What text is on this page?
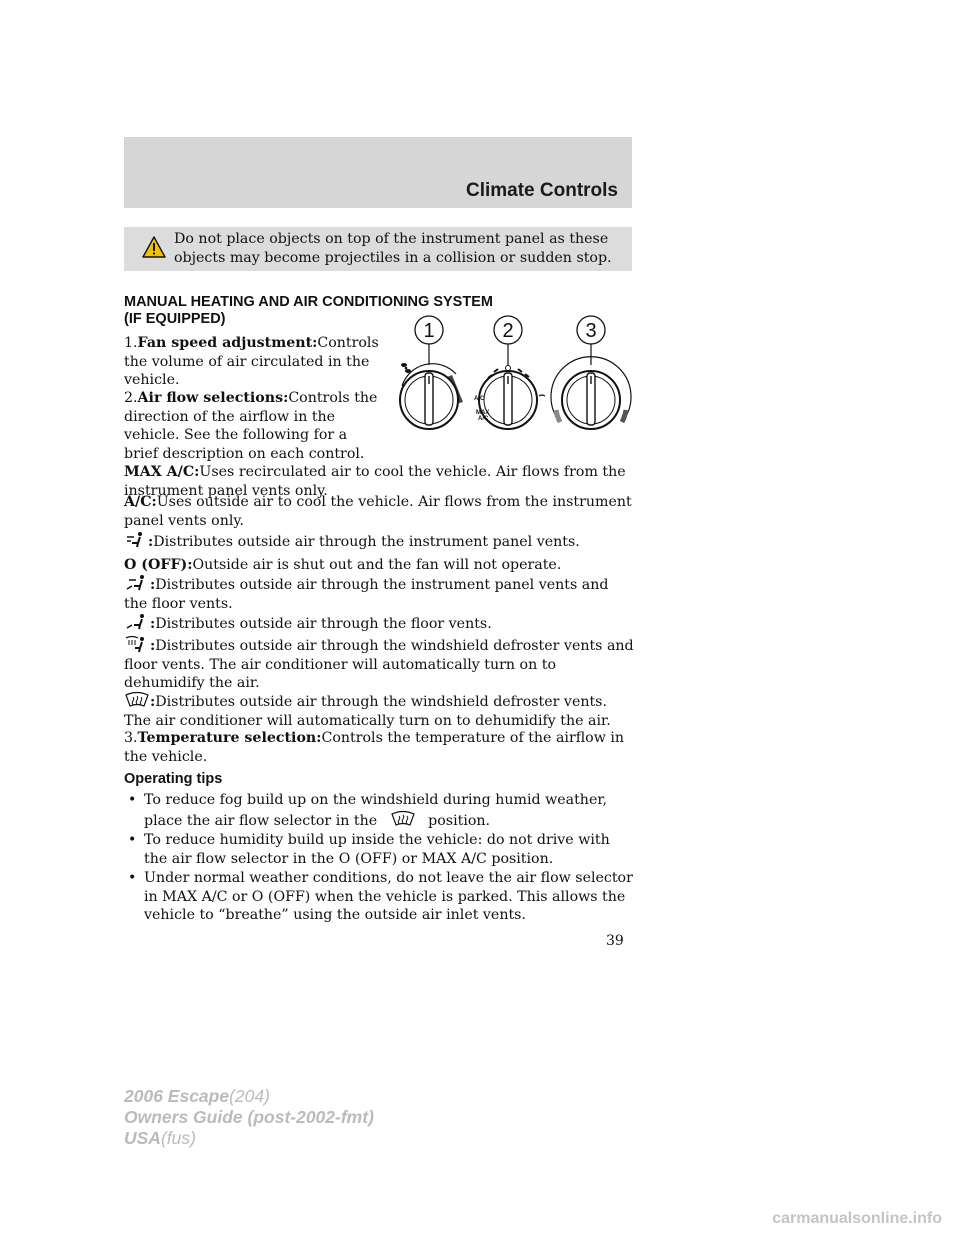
Climate Controls
Do not place objects on top of the instrument panel as these objects may become projectiles in a collision or sudden stop.
MANUAL HEATING AND AIR CONDITIONING SYSTEM
(IF EQUIPPED)
1	2	3
A/C
MAX
A/C
1.Fan speed adjustment:Controls the volume of air circulated in the vehicle.
2.Air flow selections:Controls the direction of the airflow in the vehicle. See the following for a brief description on each control.
MAX A/C:Uses recirculated air to cool the vehicle. Air flows from the instrument panel vents only.
A/C:Uses outside air to cool the vehicle. Air flows from the instrument panel vents only.
:Distributes outside air through the instrument panel vents.
O (OFF):Outside air is shut out and the fan will not operate.
:Distributes outside air through the instrument panel vents and the floor vents.
:Distributes outside air through the floor vents.
:Distributes outside air through the windshield defroster vents and floor vents. The air conditioner will automatically turn on to dehumidify the air.
:Distributes outside air through the windshield defroster vents. The air conditioner will automatically turn on to dehumidify the air.
3.Temperature selection:Controls the temperature of the airflow in the vehicle.
Operating tips
• To reduce fog build up on the windshield during humid weather, place the air flow selector in the	position.
• To reduce humidity build up inside the vehicle: do not drive with the air flow selector in the O (OFF) or MAX A/C position.
• Under normal weather conditions, do not leave the air flow selector in MAX A/C or O (OFF) when the vehicle is parked. This allows the vehicle to “breathe” using the outside air inlet vents.
39
2006 Escape(204)
Owners Guide (post-2002-fmt)
USA(fus)
carmanualsonline.info
